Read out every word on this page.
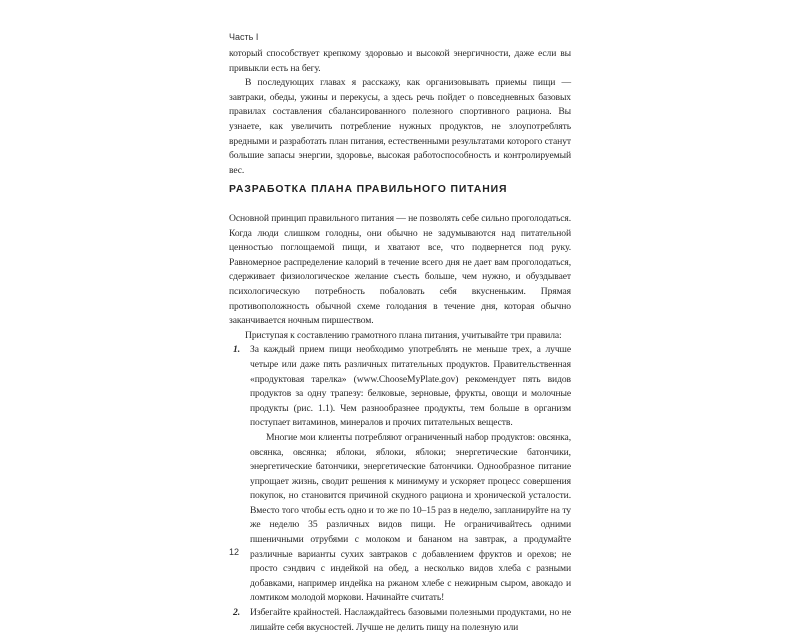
Часть I

который способствует крепкому здоровью и высокой энергичности, даже если вы привыкли есть на бегу.

В последующих главах я расскажу, как организовывать приемы пищи — завтраки, обеды, ужины и перекусы, а здесь речь пойдет о повседневных базовых правилах составления сбалансированного полезного спортивного рациона. Вы узнаете, как увеличить потребление нужных продуктов, не злоупотреблять вредными и разработать план питания, естественными результатами которого станут большие запасы энергии, здоровье, высокая работоспособность и контролируемый вес.

РАЗРАБОТКА ПЛАНА ПРАВИЛЬНОГО ПИТАНИЯ

Основной принцип правильного питания — не позволять себе сильно проголодаться. Когда люди слишком голодны, они обычно не задумываются над питательной ценностью поглощаемой пищи, и хватают все, что подвернется под руку. Равномерное распределение калорий в течение всего дня не дает вам проголодаться, сдерживает физиологическое желание съесть больше, чем нужно, и обуздывает психологическую потребность побаловать себя вкусненьким. Прямая противоположность обычной схеме голодания в течение дня, которая обычно заканчивается ночным пиршеством.

Приступая к составлению грамотного плана питания, учитывайте три правила:

1. За каждый прием пищи необходимо употреблять не меньше трех, а лучше четыре или даже пять различных питательных продуктов. Правительственная «продуктовая тарелка» (www.ChooseMyPlate.gov) рекомендует пять видов продуктов за одну трапезу: белковые, зерновые, фрукты, овощи и молочные продукты (рис. 1.1). Чем разнообразнее продукты, тем больше в организм поступает витаминов, минералов и прочих питательных веществ.

Многие мои клиенты потребляют ограниченный набор продуктов: овсянка, овсянка, овсянка; яблоки, яблоки, яблоки; энергетические батончики, энергетические батончики, энергетические батончики. Однообразное питание упрощает жизнь, сводит решения к минимуму и ускоряет процесс совершения покупок, но становится причиной скудного рациона и хронической усталости. Вместо того чтобы есть одно и то же по 10–15 раз в неделю, запланируйте на ту же неделю 35 различных видов пищи. Не ограничивайтесь одними пшеничными отрубями с молоком и бананом на завтрак, а продумайте различные варианты сухих завтраков с добавлением фруктов и орехов; не просто сэндвич с индейкой на обед, а несколько видов хлеба с разными добавками, например индейка на ржаном хлебе с нежирным сыром, авокадо и ломтиком молодой моркови. Начинайте считать!

2. Избегайте крайностей. Наслаждайтесь базовыми полезными продуктами, но не лишайте себя вкусностей. Лучше не делить пищу на полезную или

12
